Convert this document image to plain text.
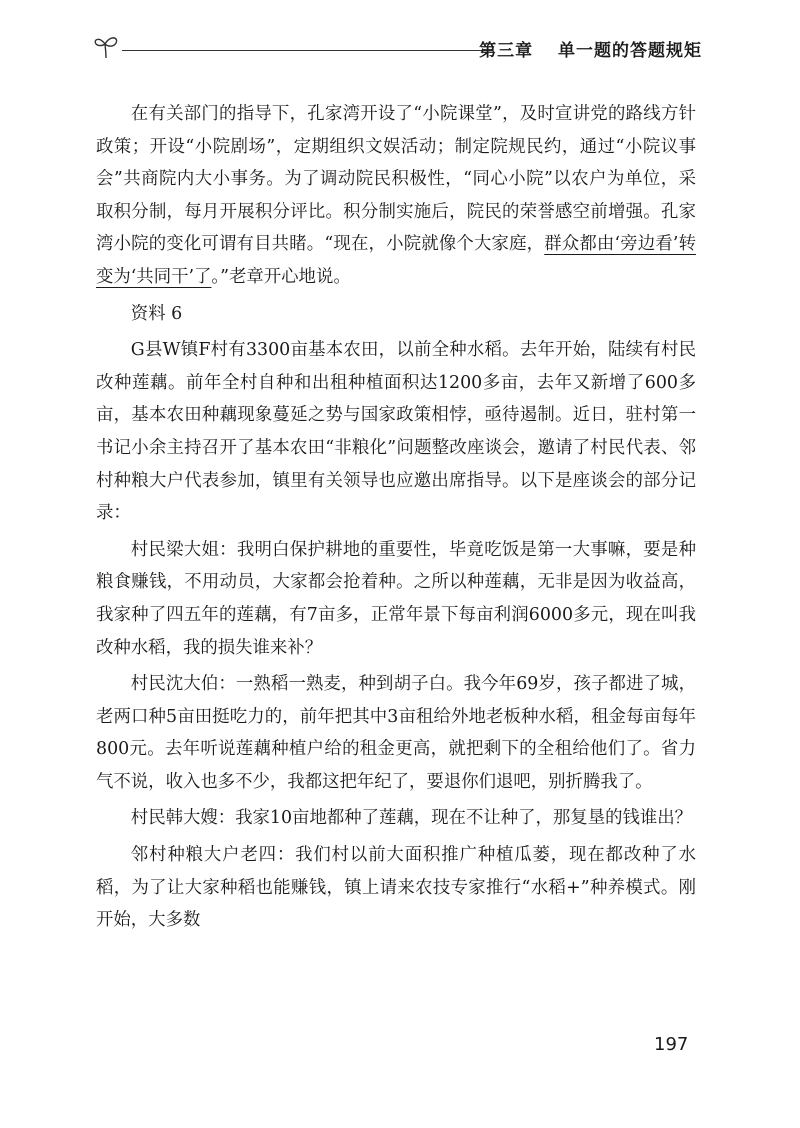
第三章 单一题的答题规矩

在有关部门的指导下，孔家湾开设了“小院课堂”，及时宣讲党的路线方针政策；开设“小院剧场”，定期组织文娱活动；制定院规民约，通过“小院议事会”共商院内大小事务。为了调动院民积极性，“同心小院”以农户为单位，采取积分制，每月开展积分评比。积分制实施后，院民的荣誉感空前增强。孔家湾小院的变化可谓有目共睹。“现在，小院就像个大家庭，群众都由‘旁边看’转变为‘共同干’了。”老章开心地说。

资料 6

G县W镇F村有3300亩基本农田，以前全种水稻。去年开始，陆续有村民改种莲藕。前年全村自种和出租种植面积达1200多亩，去年又新增了600多亩，基本农田种藕现象蔓延之势与国家政策相悖，亟待遏制。近日，驻村第一书记小余主持召开了基本农田“非粮化”问题整改座谈会，邀请了村民代表、邻村种粮大户代表参加，镇里有关领导也应邀出席指导。以下是座谈会的部分记录：

村民梁大姐：我明白保护耕地的重要性，毕竟吃饭是第一大事嘛，要是种粮食赚钱，不用动员，大家都会抢着种。之所以种莲藕，无非是因为收益高，我家种了四五年的莲藕，有7亩多，正常年景下每亩利润6000多元，现在叫我改种水稻，我的损失谁来补？

村民沈大伯：一熟稻一熟麦，种到胡子白。我今年69岁，孩子都进了城，老两口种5亩田挺吃力的，前年把其中3亩租给外地老板种水稻，租金每亩每年800元。去年听说莲藕种植户给的租金更高，就把剩下的全租给他们了。省力气不说，收入也多不少，我都这把年纪了，要退你们退吧，别折腾我了。

村民韩大嫂：我家10亩地都种了莲藕，现在不让种了，那复垦的钱谁出？

邻村种粮大户老四：我们村以前大面积推广种植瓜蒌，现在都改种了水稻，为了让大家种稻也能赚钱，镇上请来农技专家推行“水稻+”种养模式。刚开始，大多数

197
